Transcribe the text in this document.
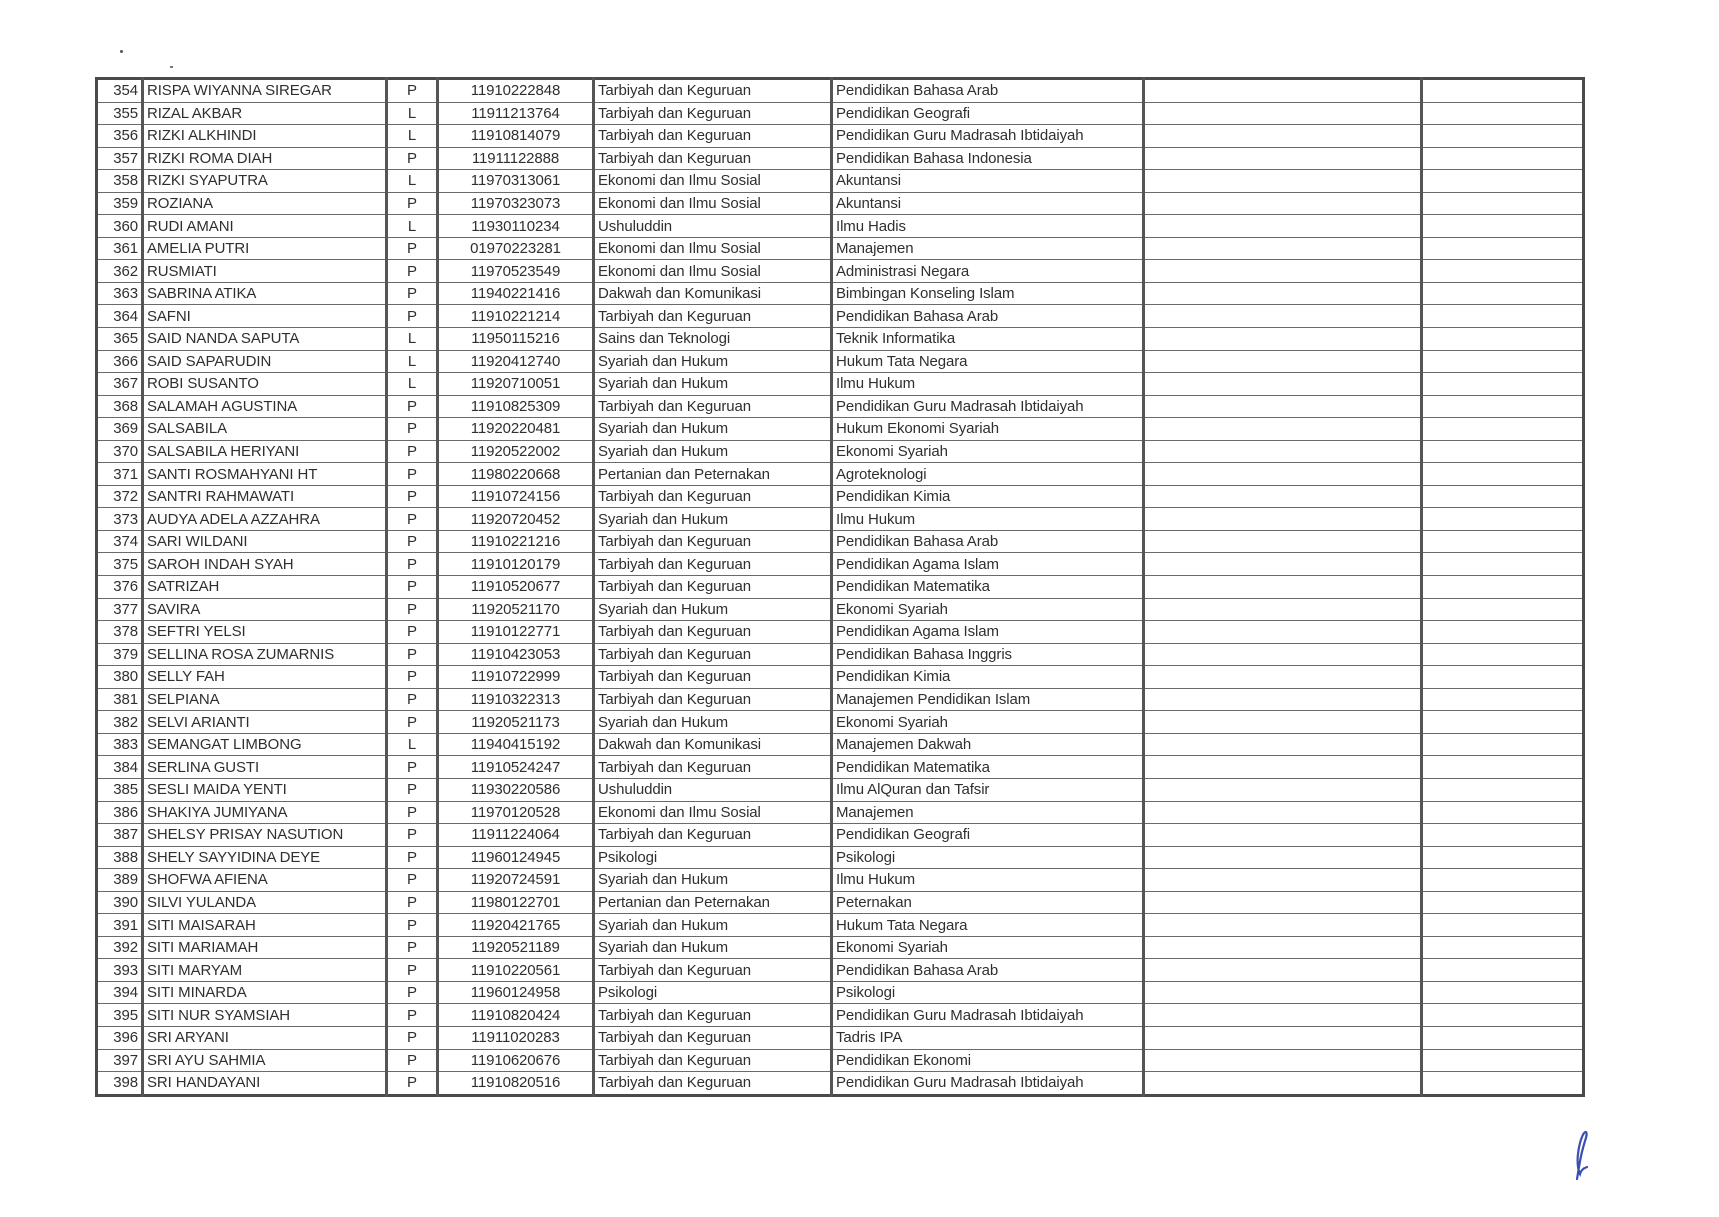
354	RISPA WIYANNA SIREGAR	P	11910222848	Tarbiyah dan Keguruan	Pendidikan Bahasa Arab		
355	RIZAL AKBAR	L	11911213764	Tarbiyah dan Keguruan	Pendidikan Geografi		
356	RIZKI ALKHINDI	L	11910814079	Tarbiyah dan Keguruan	Pendidikan Guru Madrasah Ibtidaiyah		
357	RIZKI ROMA DIAH	P	11911122888	Tarbiyah dan Keguruan	Pendidikan Bahasa Indonesia		
358	RIZKI SYAPUTRA	L	11970313061	Ekonomi dan Ilmu Sosial	Akuntansi		
359	ROZIANA	P	11970323073	Ekonomi dan Ilmu Sosial	Akuntansi		
360	RUDI AMANI	L	11930110234	Ushuluddin	Ilmu Hadis		
361	AMELIA PUTRI	P	01970223281	Ekonomi dan Ilmu Sosial	Manajemen		
362	RUSMIATI	P	11970523549	Ekonomi dan Ilmu Sosial	Administrasi Negara		
363	SABRINA ATIKA	P	11940221416	Dakwah dan Komunikasi	Bimbingan Konseling Islam		
364	SAFNI	P	11910221214	Tarbiyah dan Keguruan	Pendidikan Bahasa Arab		
365	SAID NANDA SAPUTA	L	11950115216	Sains dan Teknologi	Teknik Informatika		
366	SAID SAPARUDIN	L	11920412740	Syariah dan Hukum	Hukum Tata Negara		
367	ROBI SUSANTO	L	11920710051	Syariah dan Hukum	Ilmu Hukum		
368	SALAMAH AGUSTINA	P	11910825309	Tarbiyah dan Keguruan	Pendidikan Guru Madrasah Ibtidaiyah		
369	SALSABILA	P	11920220481	Syariah dan Hukum	Hukum Ekonomi Syariah		
370	SALSABILA HERIYANI	P	11920522002	Syariah dan Hukum	Ekonomi Syariah		
371	SANTI ROSMAHYANI HT	P	11980220668	Pertanian dan Peternakan	Agroteknologi		
372	SANTRI RAHMAWATI	P	11910724156	Tarbiyah dan Keguruan	Pendidikan Kimia		
373	AUDYA ADELA AZZAHRA	P	11920720452	Syariah dan Hukum	Ilmu Hukum		
374	SARI WILDANI	P	11910221216	Tarbiyah dan Keguruan	Pendidikan Bahasa Arab		
375	SAROH INDAH SYAH	P	11910120179	Tarbiyah dan Keguruan	Pendidikan Agama Islam		
376	SATRIZAH	P	11910520677	Tarbiyah dan Keguruan	Pendidikan Matematika		
377	SAVIRA	P	11920521170	Syariah dan Hukum	Ekonomi Syariah		
378	SEFTRI YELSI	P	11910122771	Tarbiyah dan Keguruan	Pendidikan Agama Islam		
379	SELLINA ROSA ZUMARNIS	P	11910423053	Tarbiyah dan Keguruan	Pendidikan Bahasa Inggris		
380	SELLY FAH	P	11910722999	Tarbiyah dan Keguruan	Pendidikan Kimia		
381	SELPIANA	P	11910322313	Tarbiyah dan Keguruan	Manajemen Pendidikan Islam		
382	SELVI ARIANTI	P	11920521173	Syariah dan Hukum	Ekonomi Syariah		
383	SEMANGAT LIMBONG	L	11940415192	Dakwah dan Komunikasi	Manajemen Dakwah		
384	SERLINA GUSTI	P	11910524247	Tarbiyah dan Keguruan	Pendidikan Matematika		
385	SESLI MAIDA YENTI	P	11930220586	Ushuluddin	Ilmu AlQuran dan Tafsir		
386	SHAKIYA JUMIYANA	P	11970120528	Ekonomi dan Ilmu Sosial	Manajemen		
387	SHELSY PRISAY NASUTION	P	11911224064	Tarbiyah dan Keguruan	Pendidikan Geografi		
388	SHELY SAYYIDINA DEYE	P	11960124945	Psikologi	Psikologi		
389	SHOFWA AFIENA	P	11920724591	Syariah dan Hukum	Ilmu Hukum		
390	SILVI YULANDA	P	11980122701	Pertanian dan Peternakan	Peternakan		
391	SITI MAISARAH	P	11920421765	Syariah dan Hukum	Hukum Tata Negara		
392	SITI MARIAMAH	P	11920521189	Syariah dan Hukum	Ekonomi Syariah		
393	SITI MARYAM	P	11910220561	Tarbiyah dan Keguruan	Pendidikan Bahasa Arab		
394	SITI MINARDA	P	11960124958	Psikologi	Psikologi		
395	SITI NUR SYAMSIAH	P	11910820424	Tarbiyah dan Keguruan	Pendidikan Guru Madrasah Ibtidaiyah		
396	SRI ARYANI	P	11911020283	Tarbiyah dan Keguruan	Tadris IPA		
397	SRI AYU SAHMIA	P	11910620676	Tarbiyah dan Keguruan	Pendidikan Ekonomi		
398	SRI HANDAYANI	P	11910820516	Tarbiyah dan Keguruan	Pendidikan Guru Madrasah Ibtidaiyah		
